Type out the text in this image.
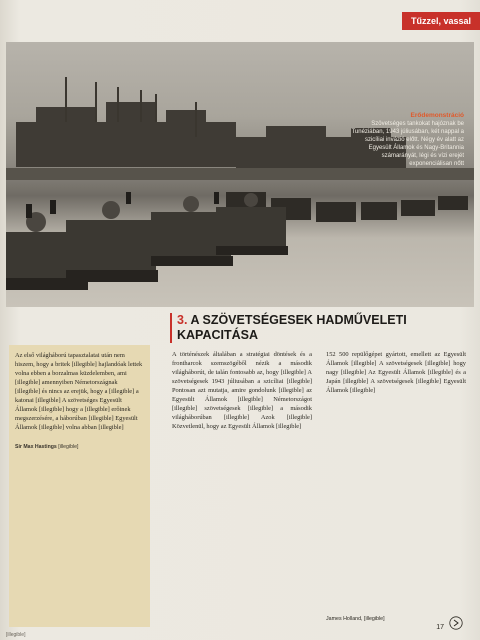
Tűzzel, vassal
Erődemonstráció
Szövetséges tankokat hajóznak be Tunéziában, 1943 júliusában, két nappal a szicíliai invázió előtt. Négy év alatt az Egyesült Államok és Nagy-Britannia számarányát, légi és vízi erejét exponenciálisan nőtt
3. A SZÖVETSÉGESEK HADMŰVELETI KAPACITÁSA
Az első világháború tapasztalatai után nem hiszem, hogy a britek [illegible] hajlandóak lettek volna ebben a borzalmas küzdelemben, ami [illegible] amennyiben Németországnak [illegible] és nincs az erejük, hogy a [illegible] a katonai [illegible] A szövetséges Egyesült Államok [illegible] hogy a [illegible] erőinek megszerzésére, a háborúban [illegible] Egyesült Államok [illegible] volna abban [illegible]
Sir Max Hastings [illegible]
A történészek általában a stratégiai döntések és a frontharcok szemszögéből nézik a második világháborút, de talán fontosabb az, hogy [illegible] A szövetségesek 1943 júliusában a szicíliai [illegible] Pontosan azt mutatja, amire gondolunk [illegible] az Egyesült Államok [illegible] Németországot [illegible] szövetségesek [illegible] a második világháborúban [illegible] Azok [illegible] Közvetlenül, hogy az Egyesült Államok [illegible]
152 500 repülőgépet gyártott, emellett az Egyesült Államok [illegible] A szövetségesek [illegible] hogy nagy [illegible] Az Egyesült Államok [illegible] és a Japán [illegible] A szövetségesek [illegible] Egyesült Államok [illegible]
James Holland, [illegible]
[illegible]
17
